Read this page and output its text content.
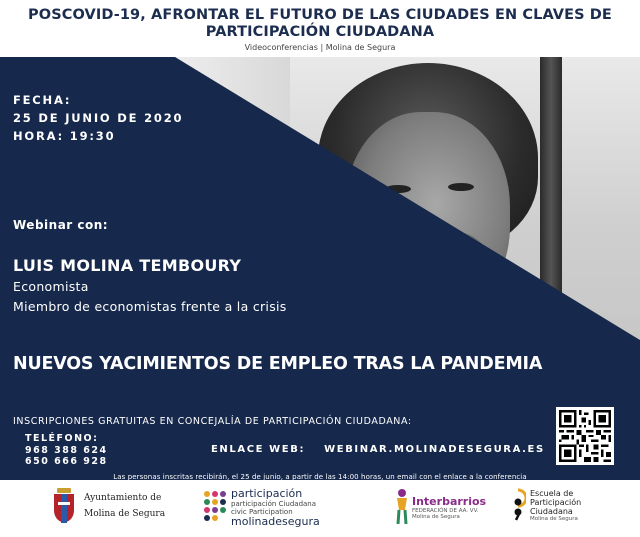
POSCOVID-19, AFRONTAR EL FUTURO DE LAS CIUDADES EN CLAVES DE PARTICIPACIÓN CIUDADANA
Videoconferencias | Molina de Segura
FECHA:
25 DE JUNIO DE 2020
HORA: 19:30
Webinar con:
LUIS MOLINA TEMBOURY
Economista
Miembro de economistas frente a la crisis
NUEVOS YACIMIENTOS DE EMPLEO TRAS LA PANDEMIA
INSCRIPCIONES GRATUITAS EN CONCEJALÍA DE PARTICIPACIÓN CIUDADANA:
TELÉFONO:
968 388 624
650 666 928
ENLACE WEB: WEBINAR.MOLINADESEGURA.ES
Las personas inscritas recibirán, el 25 de junio, a partir de las 14:00 horas, un email con el enlace a la conferencia
Ayuntamiento de
Molina de Segura
participación
participación Ciudadana
civic Participation
molinadesegura
Interbarrios
FEDERACIÓN DE AA. VV.
Molina de Segura
Escuela de
Participación
Ciudadana
Molina de Segura
